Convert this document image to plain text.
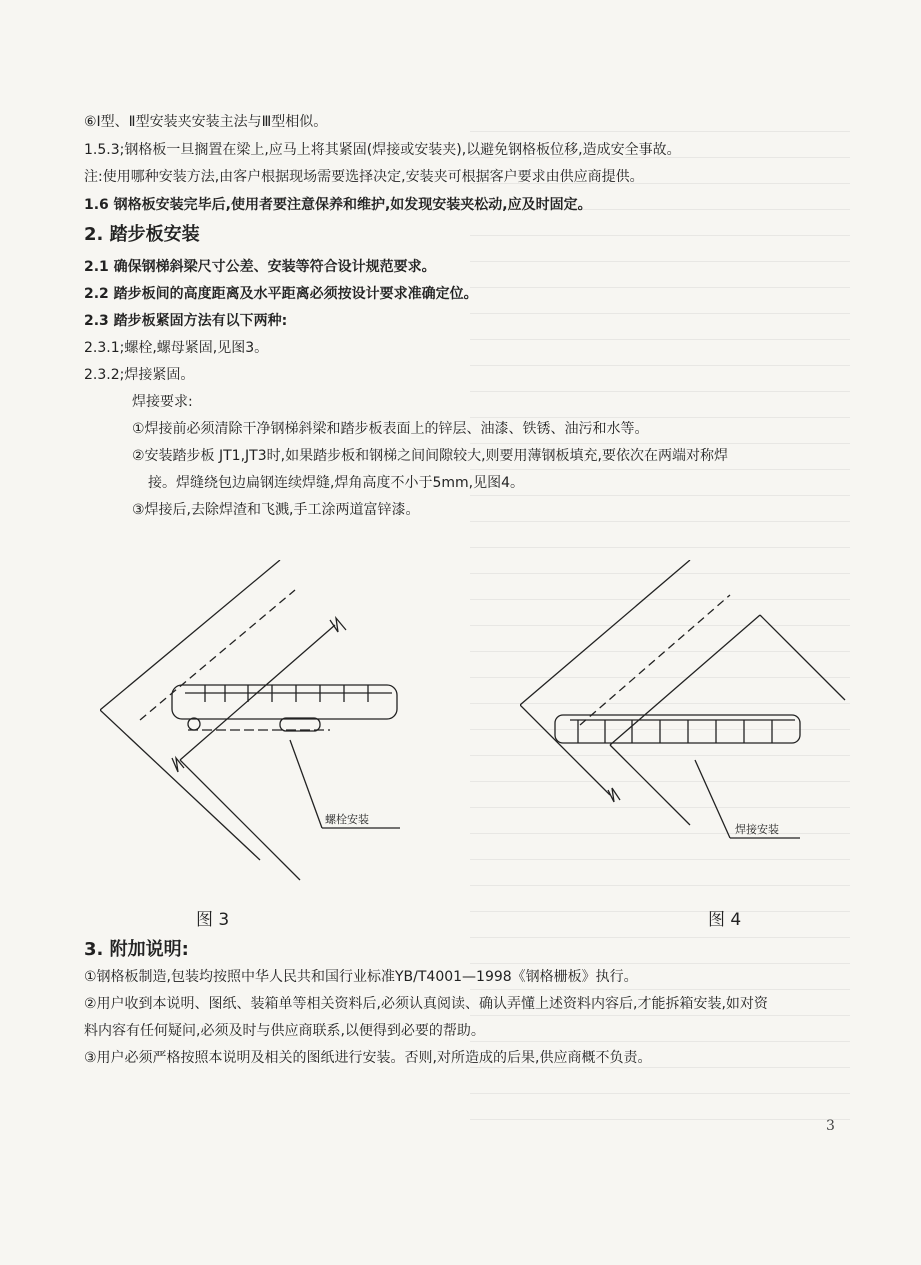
⑥Ⅰ型、Ⅱ型安装夹安装主法与Ⅲ型相似。
1.5.3;钢格板一旦搁置在梁上,应马上将其紧固(焊接或安装夹),以避免钢格板位移,造成安全事故。
注:使用哪种安装方法,由客户根据现场需要选择决定,安装夹可根据客户要求由供应商提供。
1.6 钢格板安装完毕后,使用者要注意保养和维护,如发现安装夹松动,应及时固定。
2. 踏步板安装
2.1 确保钢梯斜梁尺寸公差、安装等符合设计规范要求。
2.2 踏步板间的高度距离及水平距离必须按设计要求准确定位。
2.3 踏步板紧固方法有以下两种:
2.3.1;螺栓,螺母紧固,见图3。
2.3.2;焊接紧固。
焊接要求:
①焊接前必须清除干净钢梯斜梁和踏步板表面上的锌层、油漆、铁锈、油污和水等。
②安装踏步板 JT1,JT3时,如果踏步板和钢梯之间间隙较大,则要用薄钢板填充,要依次在两端对称焊
接。焊缝绕包边扁钢连续焊缝,焊角高度不小于5mm,见图4。
③焊接后,去除焊渣和飞溅,手工涂两道富锌漆。
螺栓安装
图 3
焊接安装
图 4
3. 附加说明:
①钢格板制造,包装均按照中华人民共和国行业标准YB/T4001—1998《钢格栅板》执行。
②用户收到本说明、图纸、装箱单等相关资料后,必须认真阅读、确认弄懂上述资料内容后,才能拆箱安装,如对资
料内容有任何疑问,必须及时与供应商联系,以便得到必要的帮助。
③用户必须严格按照本说明及相关的图纸进行安装。否则,对所造成的后果,供应商概不负责。
3
